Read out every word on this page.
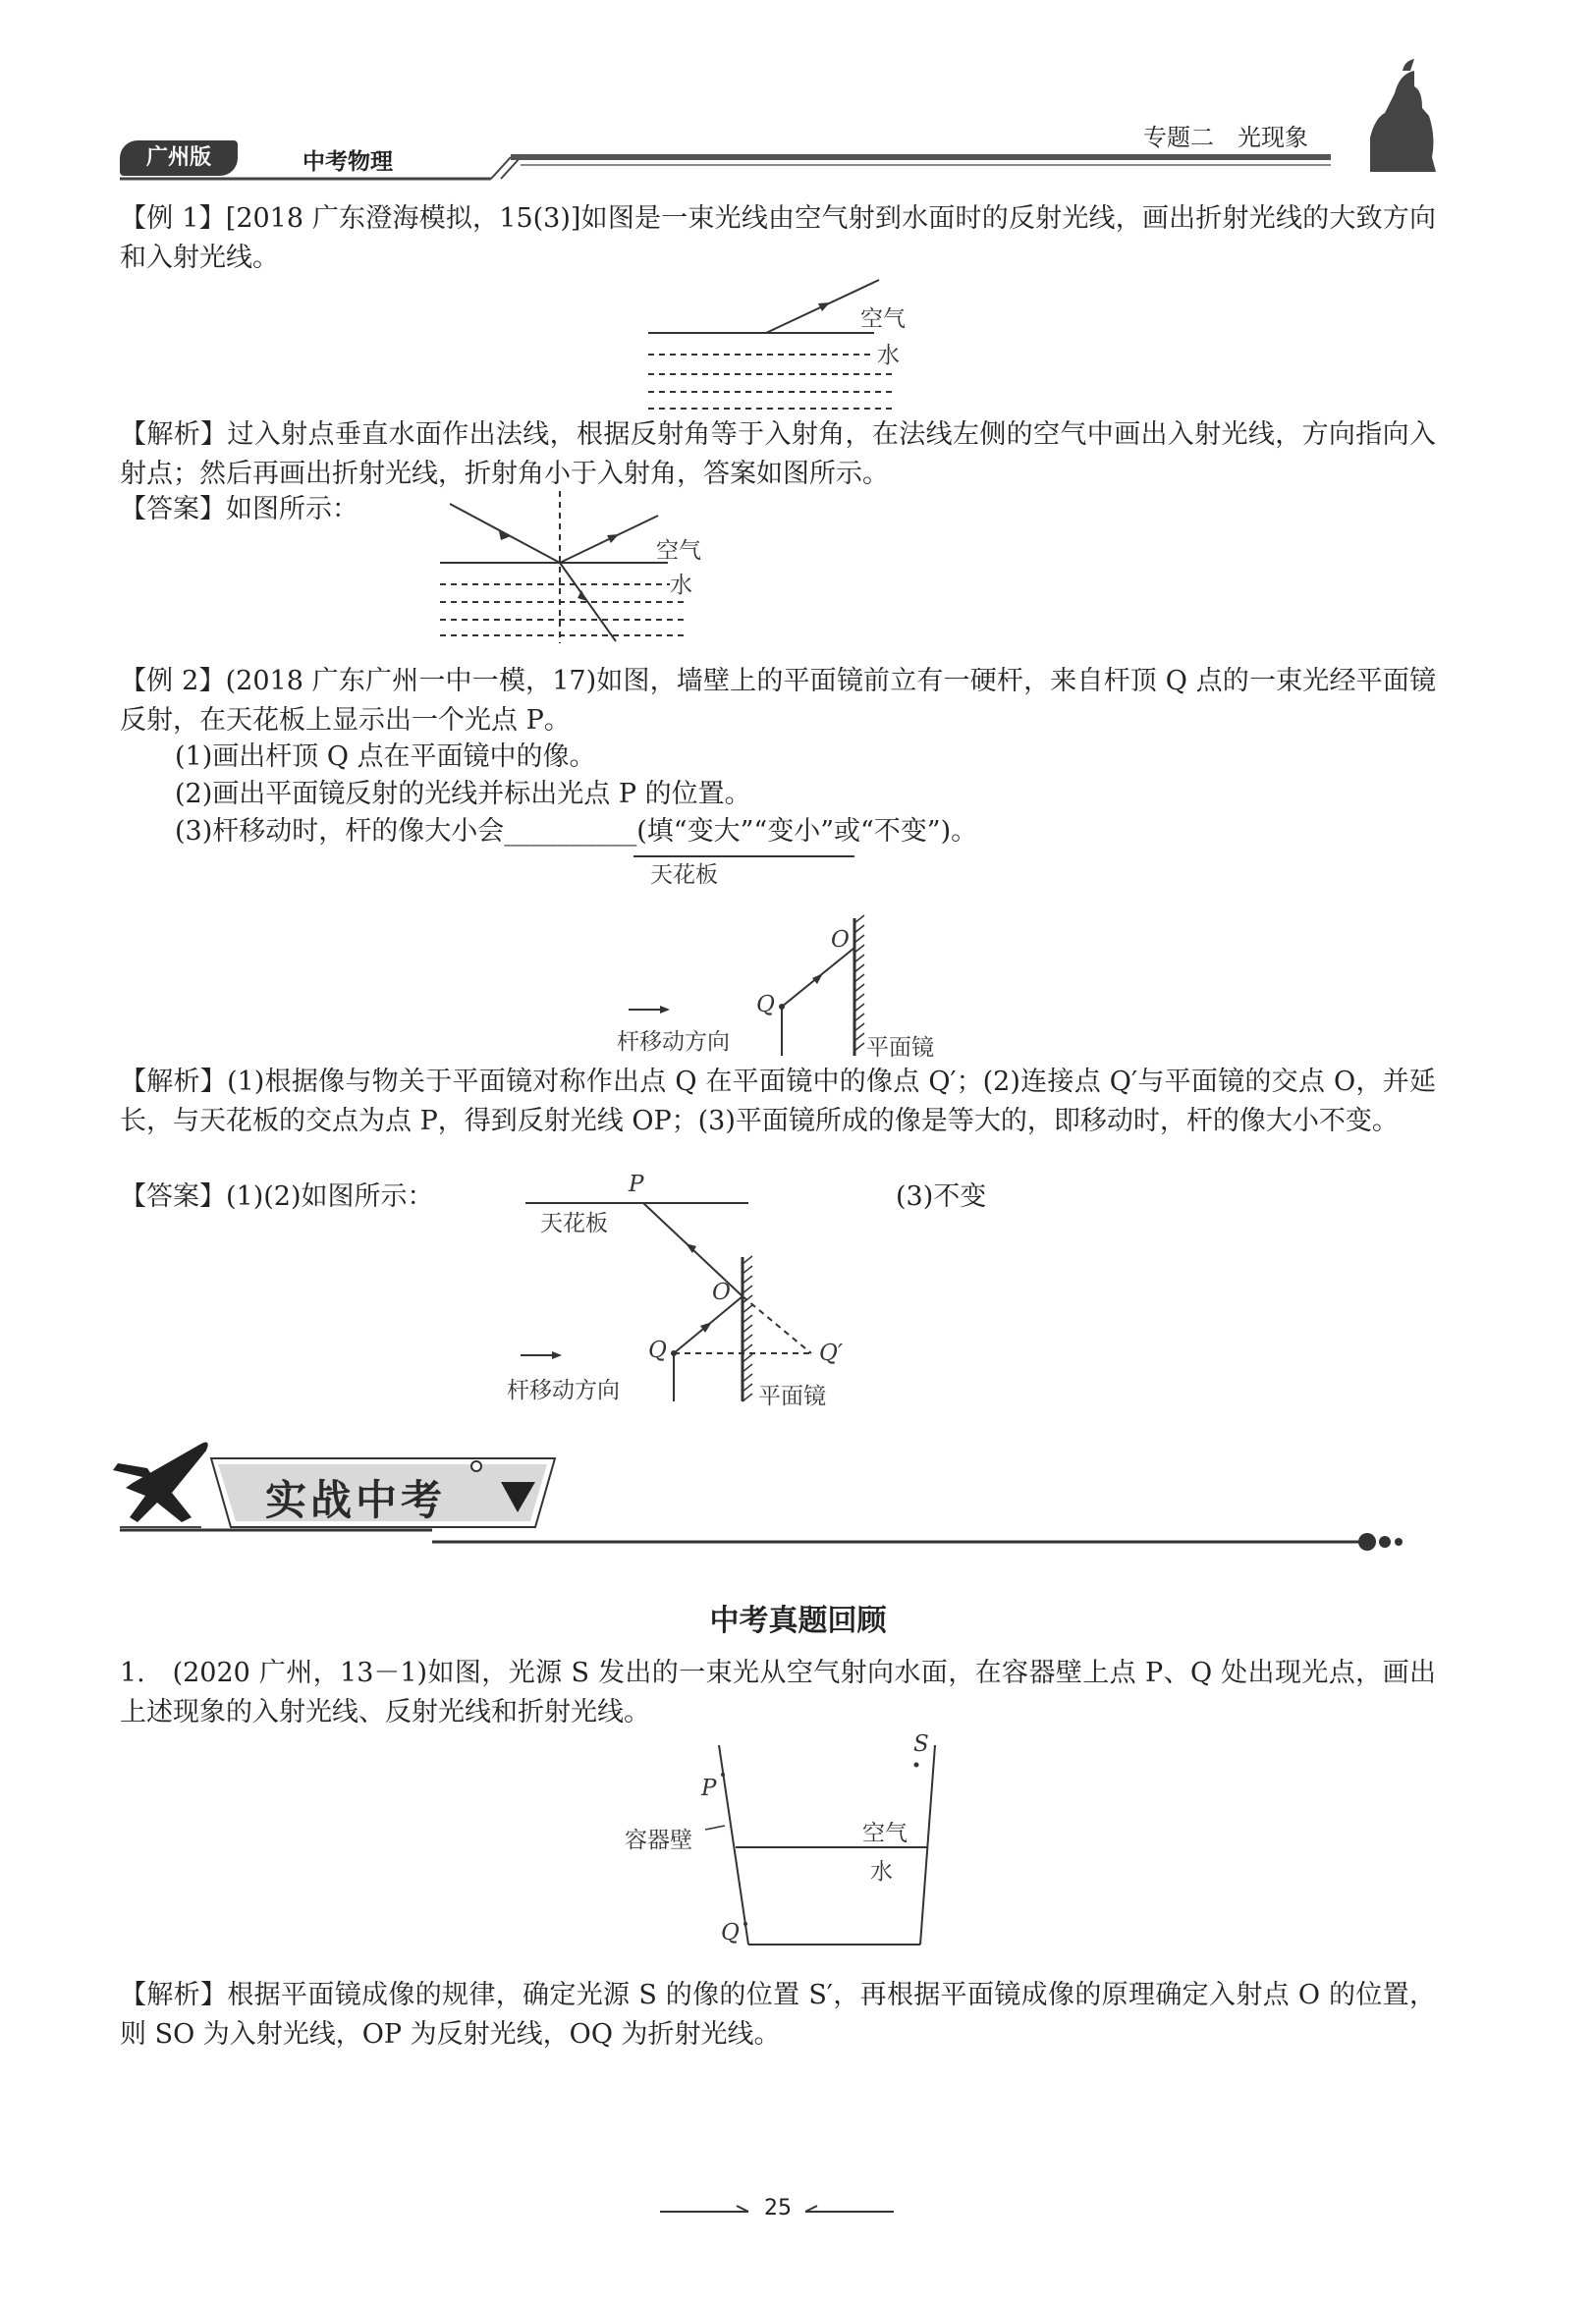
广州版	中考物理
专题二　光现象
【例 1】[2018 广东澄海模拟，15(3)]如图是一束光线由空气射到水面时的反射光线，画出折射光线的大致方向和入射光线。
空气
水
【解析】过入射点垂直水面作出法线，根据反射角等于入射角，在法线左侧的空气中画出入射光线，方向指向入射点；然后再画出折射光线，折射角小于入射角，答案如图所示。
【答案】如图所示：
空气
水
【例 2】(2018 广东广州一中一模，17)如图，墙壁上的平面镜前立有一硬杆，来自杆顶 Q 点的一束光经平面镜反射，在天花板上显示出一个光点 P。
(1)画出杆顶 Q 点在平面镜中的像。
(2)画出平面镜反射的光线并标出光点 P 的位置。
(3)杆移动时，杆的像大小会__________(填“变大”“变小”或“不变”)。
天花板
O
Q
杆移动方向	平面镜
【解析】(1)根据像与物关于平面镜对称作出点 Q 在平面镜中的像点 Q′；(2)连接点 Q′与平面镜的交点 O，并延长，与天花板的交点为点 P，得到反射光线 OP；(3)平面镜所成的像是等大的，即移动时，杆的像大小不变。
【答案】(1)(2)如图所示：	(3)不变
P
天花板
O
Q	Q′
杆移动方向	平面镜
实战中考
中考真题回顾
1.　(2020 广州，13－1)如图，光源 S 发出的一束光从空气射向水面，在容器壁上点 P、Q 处出现光点，画出上述现象的入射光线、反射光线和折射光线。
S
P
容器壁	空气
水
Q
【解析】根据平面镜成像的规律，确定光源 S 的像的位置 S′，再根据平面镜成像的原理确定入射点 O 的位置，则 SO 为入射光线，OP 为反射光线，OQ 为折射光线。
25
